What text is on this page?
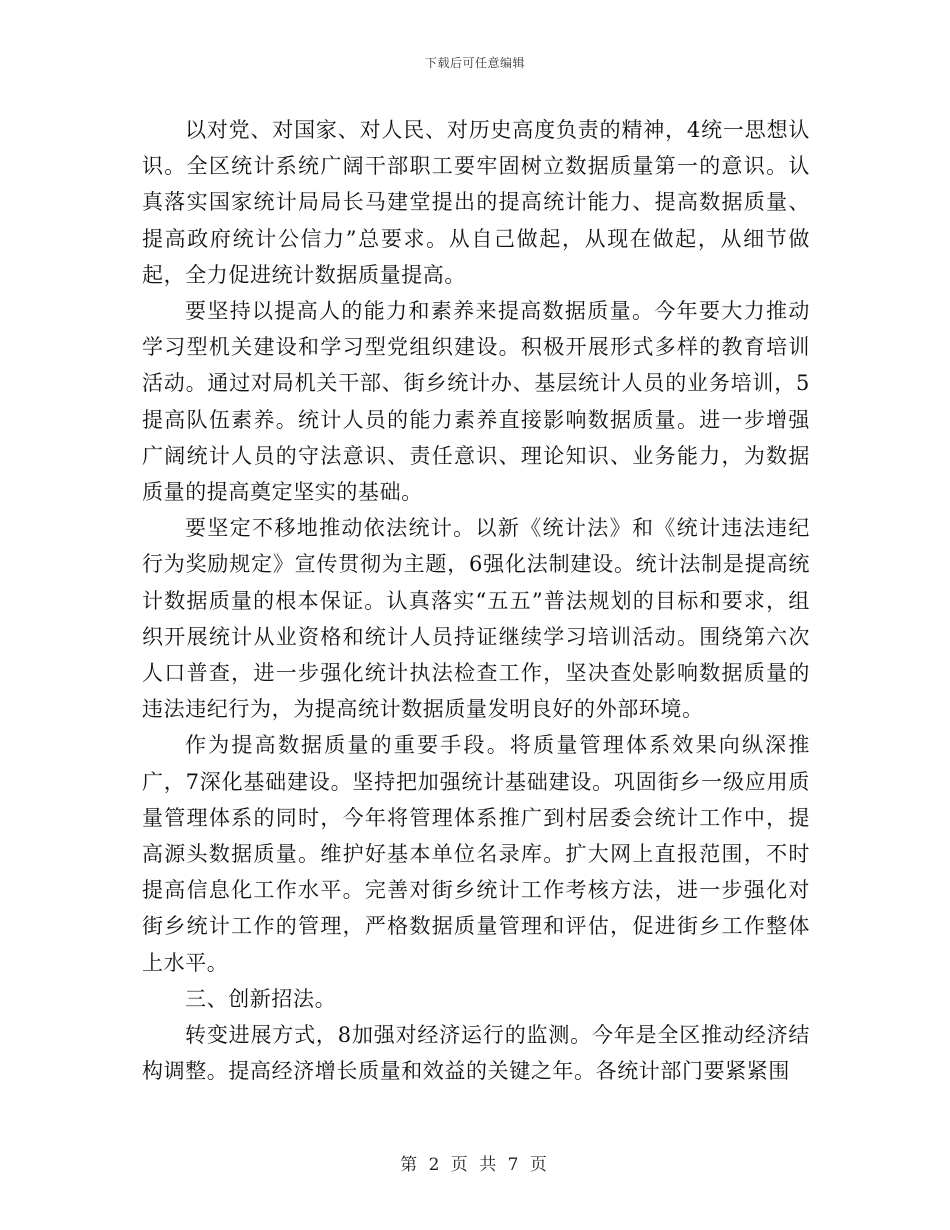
下载后可任意编辑

以对党、对国家、对人民、对历史高度负责的精神，4统一思想认识。全区统计系统广阔干部职工要牢固树立数据质量第一的意识。认真落实国家统计局局长马建堂提出的提高统计能力、提高数据质量、提高政府统计公信力”总要求。从自己做起，从现在做起，从细节做起，全力促进统计数据质量提高。

要坚持以提高人的能力和素养来提高数据质量。今年要大力推动学习型机关建设和学习型党组织建设。积极开展形式多样的教育培训活动。通过对局机关干部、街乡统计办、基层统计人员的业务培训，5提高队伍素养。统计人员的能力素养直接影响数据质量。进一步增强广阔统计人员的守法意识、责任意识、理论知识、业务能力，为数据质量的提高奠定坚实的基础。

要坚定不移地推动依法统计。以新《统计法》和《统计违法违纪行为奖励规定》宣传贯彻为主题，6强化法制建设。统计法制是提高统计数据质量的根本保证。认真落实“五五”普法规划的目标和要求，组织开展统计从业资格和统计人员持证继续学习培训活动。围绕第六次人口普查，进一步强化统计执法检查工作，坚决查处影响数据质量的违法违纪行为，为提高统计数据质量发明良好的外部环境。

作为提高数据质量的重要手段。将质量管理体系效果向纵深推广，7深化基础建设。坚持把加强统计基础建设。巩固街乡一级应用质量管理体系的同时，今年将管理体系推广到村居委会统计工作中，提高源头数据质量。维护好基本单位名录库。扩大网上直报范围，不时提高信息化工作水平。完善对街乡统计工作考核方法，进一步强化对街乡统计工作的管理，严格数据质量管理和评估，促进街乡工作整体上水平。

三、创新招法。

转变进展方式，8加强对经济运行的监测。今年是全区推动经济结构调整。提高经济增长质量和效益的关键之年。各统计部门要紧紧围

第 2 页 共 7 页
